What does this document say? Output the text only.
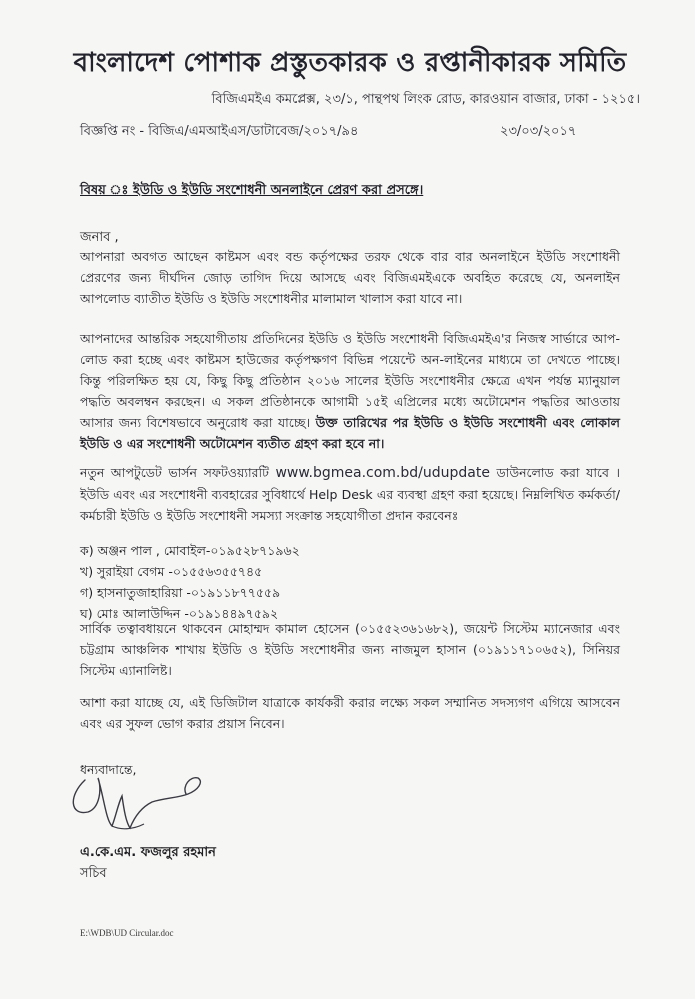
বাংলাদেশ পোশাক প্রস্তুতকারক ও রপ্তানীকারক সমিতি
বিজিএমইএ কমপ্লেক্স, ২৩/১, পান্থপথ লিংক রোড, কারওয়ান বাজার, ঢাকা - ১২১৫।
বিজ্ঞপ্তি নং - বিজিএ/এমআইএস/ডাটাবেজ/২০১৭/৯৪	২৩/০৩/২০১৭
বিষয় ঃ ইউডি ও ইউডি সংশোধনী অনলাইনে প্রেরণ করা প্রসঙ্গে।
জনাব ,
আপনারা অবগত আছেন কাষ্টমস এবং বন্ড কর্তৃপক্ষের তরফ থেকে বার বার অনলাইনে ইউডি সংশোধনী প্রেরণের জন্য দীর্ঘদিন জোড় তাগিদ দিয়ে আসছে এবং বিজিএমইএকে অবহিত করেছে যে, অনলাইন আপলোড ব্যাতীত ইউডি ও ইউডি সংশোধনীর মালামাল খালাস করা যাবে না।
আপনাদের আন্তরিক সহযোগীতায় প্রতিদিনের ইউডি ও ইউডি সংশোধনী বিজিএমইএ'র নিজস্ব সার্ভারে আপ-লোড করা হচ্ছে এবং কাষ্টমস হাউজের কর্তৃপক্ষগণ বিভিন্ন পয়েন্টে অন-লাইনের মাধ্যমে তা দেখতে পাচ্ছে। কিন্তু পরিলক্ষিত হয় যে, কিছু কিছু প্রতিষ্ঠান ২০১৬ সালের ইউডি সংশোধনীর ক্ষেত্রে এখন পর্যন্ত ম্যানুয়াল পদ্ধতি অবলম্বন করছেন। এ সকল প্রতিষ্ঠানকে আগামী ১৫ই এপ্রিলের মধ্যে অটোমেশন পদ্ধতির আওতায় আসার জন্য বিশেষভাবে অনুরোধ করা যাচ্ছে। উক্ত তারিখের পর ইউডি ও ইউডি সংশোধনী এবং লোকাল ইউডি ও এর সংশোধনী অটোমেশন ব্যতীত গ্রহণ করা হবে না।
নতুন আপটুডেট ভার্সন সফটওয়্যারটি www.bgmea.com.bd/udupdate ডাউনলোড করা যাবে । ইউডি এবং এর সংশোধনী ব্যবহারের সুবিধার্থে Help Desk এর ব্যবস্থা গ্রহণ করা হয়েছে। নিম্নলিখিত কর্মকর্তা/কর্মচারী ইউডি ও ইউডি সংশোধনী সমস্যা সংক্রান্ত সহযোগীতা প্রদান করবেনঃ
ক) অঞ্জন পাল , মোবাইল-০১৯৫২৮৭১৯৬২
খ) সুরাইয়া বেগম -০১৫৫৬৩৫৫৭৪৫
গ) হাসনাতুজাহারিয়া -০১৯১১৮৭৭৫৫৯
ঘ) মোঃ আলাউদ্দিন -০১৯১৪৪৯৭৫৯২
সার্বিক তত্বাবধায়নে থাকবেন মোহাম্মদ কামাল হোসেন (০১৫৫২৩৬১৬৮২), জয়েন্ট সিস্টেম ম্যানেজার এবং চট্টগ্রাম আঞ্চলিক শাখায় ইউডি ও ইউডি সংশোধনীর জন্য নাজমুল হাসান (০১৯১১৭১০৬৫২), সিনিয়র সিস্টেম এ্যানালিষ্ট।
আশা করা যাচ্ছে যে, এই ডিজিটাল যাত্রাকে কার্যকরী করার লক্ষ্যে সকল সম্মানিত সদস্যগণ এগিয়ে আসবেন এবং এর সুফল ভোগ করার প্রয়াস নিবেন।
ধন্যবাদান্তে,
এ.কে.এম. ফজলুর রহমান
সচিব
E:\WDB\UD Circular.doc
